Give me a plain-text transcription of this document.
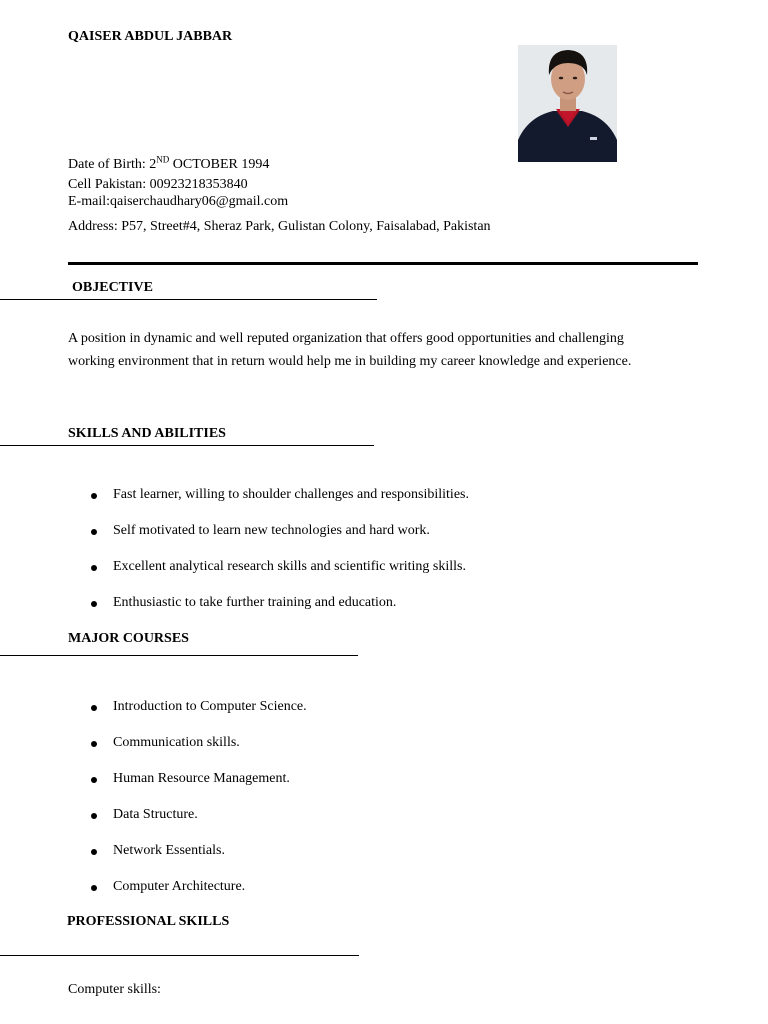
QAISER ABDUL JABBAR
Date of Birth: 2ND OCTOBER 1994
Cell Pakistan: 00923218353840
E-mail:qaiserchaudhary06@gmail.com
Address: P57, Street#4, Sheraz Park, Gulistan Colony, Faisalabad, Pakistan
OBJECTIVE
A position in dynamic and well reputed organization that offers good opportunities and challenging working environment that in return would help me in building my career knowledge and experience.
SKILLS AND ABILITIES
Fast learner, willing to shoulder challenges and responsibilities.
Self motivated to learn new technologies and hard work.
Excellent analytical research skills and scientific writing skills.
Enthusiastic to take further training and education.
MAJOR COURSES
Introduction to Computer Science.
Communication skills.
Human Resource Management.
Data Structure.
Network Essentials.
Computer Architecture.
PROFESSIONAL SKILLS
Computer skills:
